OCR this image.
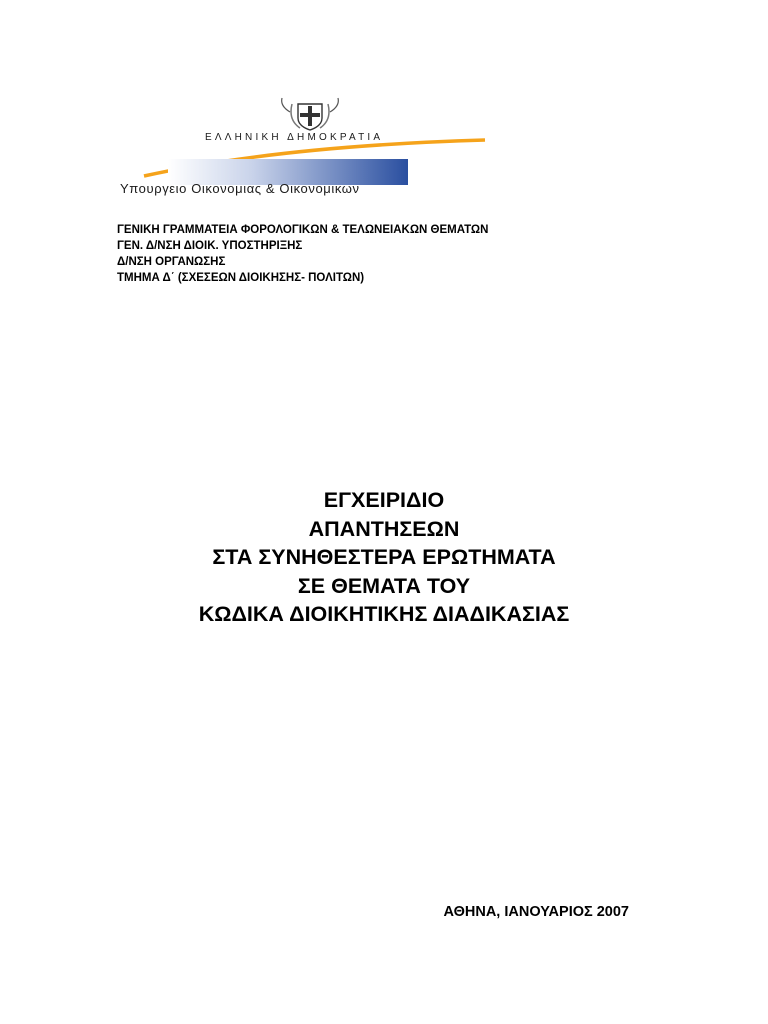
ΕΛΛΗΝΙΚΗ ΔΗΜΟΚΡΑΤΙΑ
Υπουργειο Οικονομιας & Οικονομικων
ΓΕΝΙΚΗ ΓΡΑΜΜΑΤΕΙΑ ΦΟΡΟΛΟΓΙΚΩΝ & ΤΕΛΩΝΕΙΑΚΩΝ ΘΕΜΑΤΩΝ
ΓΕΝ. Δ/ΝΣΗ ΔΙΟΙΚ. ΥΠΟΣΤΗΡΙΞΗΣ
Δ/ΝΣΗ ΟΡΓΑΝΩΣΗΣ
ΤΜΗΜΑ Δ΄ (ΣΧΕΣΕΩΝ ΔΙΟΙΚΗΣΗΣ- ΠΟΛΙΤΩΝ)
ΕΓΧΕΙΡΙΔΙΟ
ΑΠΑΝΤΗΣΕΩΝ
ΣΤΑ ΣΥΝΗΘΕΣΤΕΡΑ ΕΡΩΤΗΜΑΤΑ
ΣΕ ΘΕΜΑΤΑ ΤΟΥ
ΚΩΔΙΚΑ ΔΙΟΙΚΗΤΙΚΗΣ ΔΙΑΔΙΚΑΣΙΑΣ
ΑΘΗΝΑ, ΙΑΝΟΥΑΡΙΟΣ 2007
